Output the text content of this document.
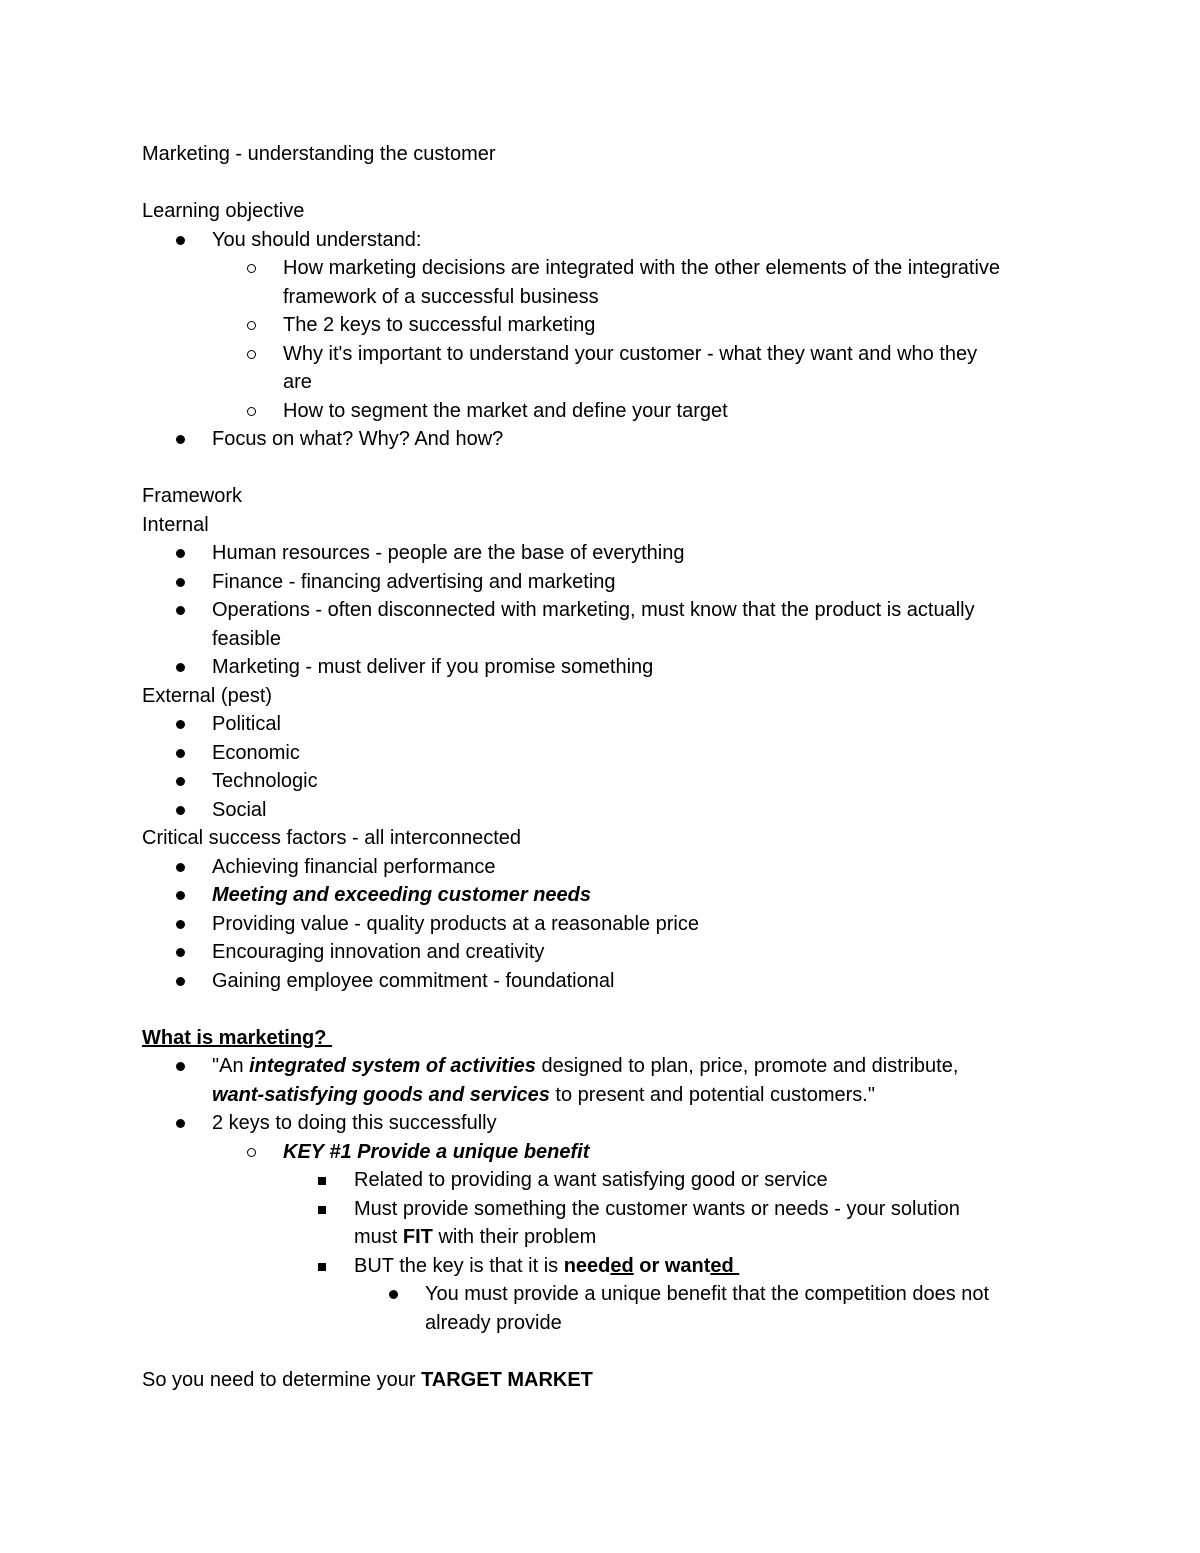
Marketing - understanding the customer
Learning objective
You should understand:
How marketing decisions are integrated with the other elements of the integrative
framework of a successful business
The 2 keys to successful marketing
Why it's important to understand your customer - what they want and who they
are
How to segment the market and define your target
Focus on what? Why? And how?
Framework
Internal
Human resources - people are the base of everything
Finance - financing advertising and marketing
Operations - often disconnected with marketing, must know that the product is actually
feasible
Marketing - must deliver if you promise something
External (pest)
Political
Economic
Technologic
Social
Critical success factors - all interconnected
Achieving financial performance
Meeting and exceeding customer needs
Providing value - quality products at a reasonable price
Encouraging innovation and creativity
Gaining employee commitment - foundational
What is marketing?
"An integrated system of activities designed to plan, price, promote and distribute,
want-satisfying goods and services to present and potential customers."
2 keys to doing this successfully
KEY #1 Provide a unique benefit
Related to providing a want satisfying good or service
Must provide something the customer wants or needs - your solution
must FIT with their problem
BUT the key is that it is needed or wanted
You must provide a unique benefit that the competition does not
already provide
So you need to determine your TARGET MARKET
